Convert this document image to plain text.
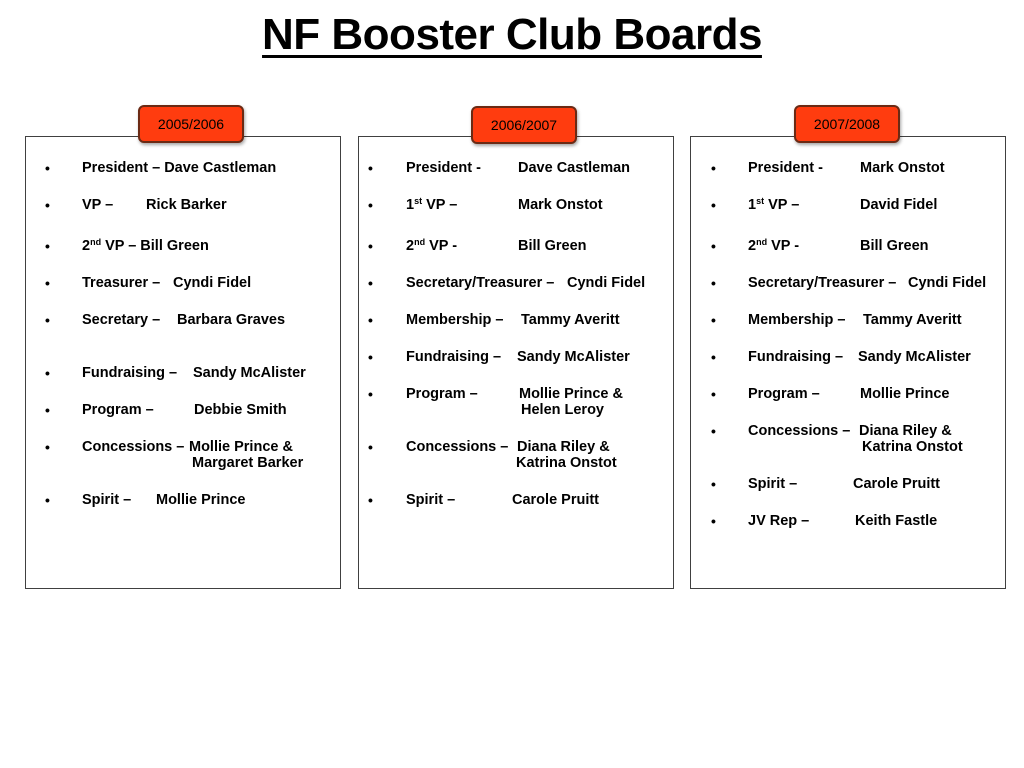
NF Booster Club Boards
2005/2006
• President – Dave Castleman
• VP – Rick Barker
• 2nd VP – Bill Green
• Treasurer – Cyndi Fidel
• Secretary – Barbara Graves
• Fundraising – Sandy McAlister
• Program –	Debbie Smith
• Concessions – Mollie Prince &
Margaret Barker
• Spirit – Mollie Prince
2006/2007
• President -	Dave Castleman
• 1st VP –	Mark Onstot
• 2nd VP -	Bill Green
• Secretary/Treasurer – Cyndi Fidel
• Membership – Tammy Averitt
• Fundraising – Sandy McAlister
• Program –	Mollie Prince &
Helen Leroy
• Concessions – Diana Riley &
Katrina Onstot
• Spirit –	Carole Pruitt
2007/2008
• President -	Mark Onstot
• 1st VP –	David Fidel
• 2nd VP -	Bill Green
• Secretary/Treasurer – Cyndi Fidel
• Membership – Tammy Averitt
• Fundraising – Sandy McAlister
• Program –	Mollie Prince
• Concessions – Diana Riley &
Katrina Onstot
• Spirit –	Carole Pruitt
• JV Rep –	Keith Fastle
